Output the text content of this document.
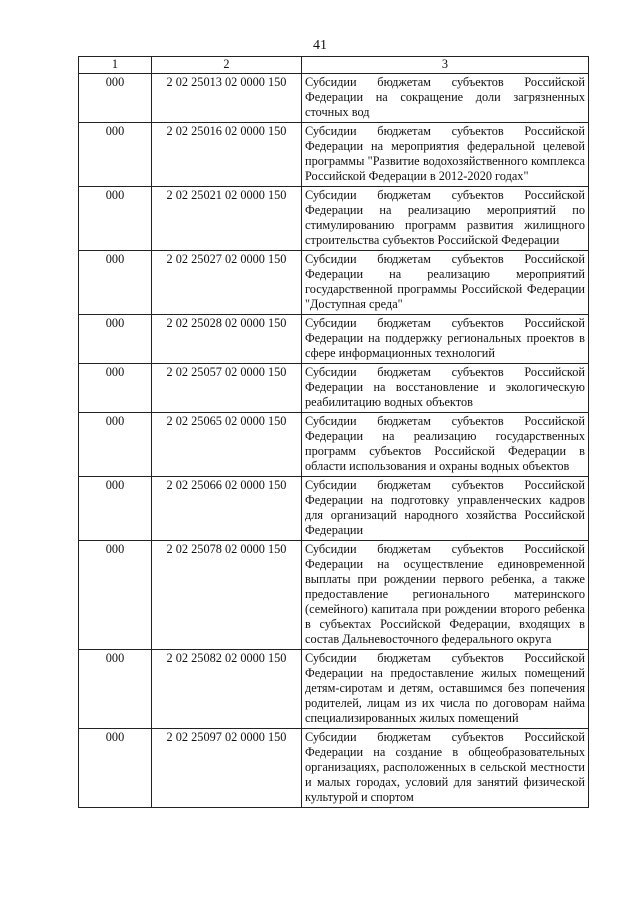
41
1	2	3
000	2 02 25013 02 0000 150	Субсидии бюджетам субъектов Российской Федерации на сокращение доли загрязненных сточных вод
000	2 02 25016 02 0000 150	Субсидии бюджетам субъектов Российской Федерации на мероприятия федеральной целевой программы "Развитие водохозяйственного комплекса Российской Федерации в 2012-2020 годах"
000	2 02 25021 02 0000 150	Субсидии бюджетам субъектов Российской Федерации на реализацию мероприятий по стимулированию программ развития жилищного строительства субъектов Российской Федерации
000	2 02 25027 02 0000 150	Субсидии бюджетам субъектов Российской Федерации на реализацию мероприятий государственной программы Российской Федерации "Доступная среда"
000	2 02 25028 02 0000 150	Субсидии бюджетам субъектов Российской Федерации на поддержку региональных проектов в сфере информационных технологий
000	2 02 25057 02 0000 150	Субсидии бюджетам субъектов Российской Федерации на восстановление и экологическую реабилитацию водных объектов
000	2 02 25065 02 0000 150	Субсидии бюджетам субъектов Российской Федерации на реализацию государственных программ субъектов Российской Федерации в области использования и охраны водных объектов
000	2 02 25066 02 0000 150	Субсидии бюджетам субъектов Российской Федерации на подготовку управленческих кадров для организаций народного хозяйства Российской Федерации
000	2 02 25078 02 0000 150	Субсидии бюджетам субъектов Российской Федерации на осуществление единовременной выплаты при рождении первого ребенка, а также предоставление регионального материнского (семейного) капитала при рождении второго ребенка в субъектах Российской Федерации, входящих в состав Дальневосточного федерального округа
000	2 02 25082 02 0000 150	Субсидии бюджетам субъектов Российской Федерации на предоставление жилых помещений детям-сиротам и детям, оставшимся без попечения родителей, лицам из их числа по договорам найма специализированных жилых помещений
000	2 02 25097 02 0000 150	Субсидии бюджетам субъектов Российской Федерации на создание в общеобразовательных организациях, расположенных в сельской местности и малых городах, условий для занятий физической культурой и спортом
